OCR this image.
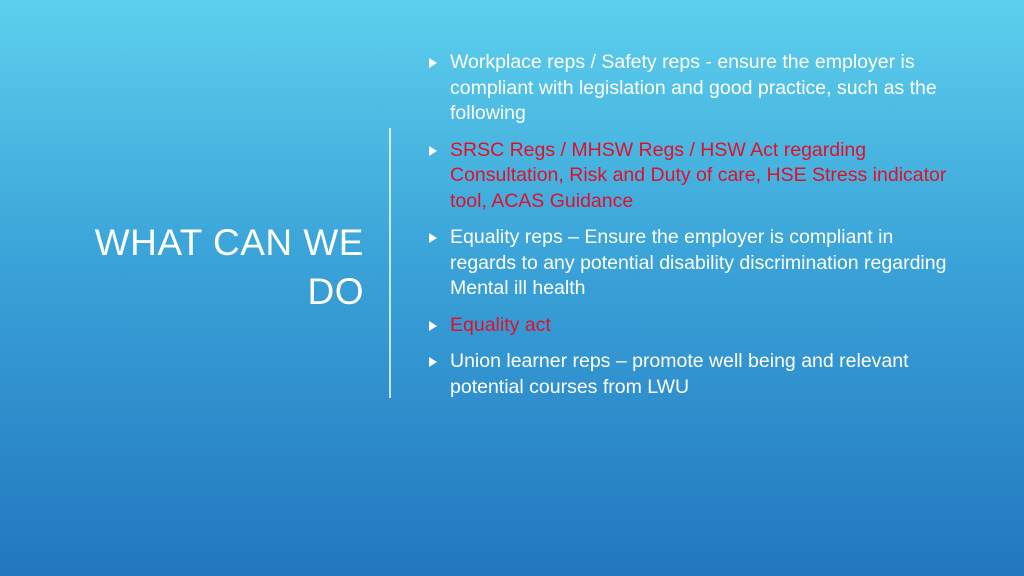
WHAT CAN WE DO
Workplace reps / Safety reps - ensure the employer is compliant with legislation and good practice, such as the following
SRSC Regs / MHSW Regs / HSW Act regarding Consultation, Risk and Duty of care, HSE Stress indicator tool, ACAS Guidance
Equality reps – Ensure the employer is compliant in regards to any potential disability discrimination regarding Mental ill health
Equality act
Union learner reps – promote well being and relevant potential courses from LWU
